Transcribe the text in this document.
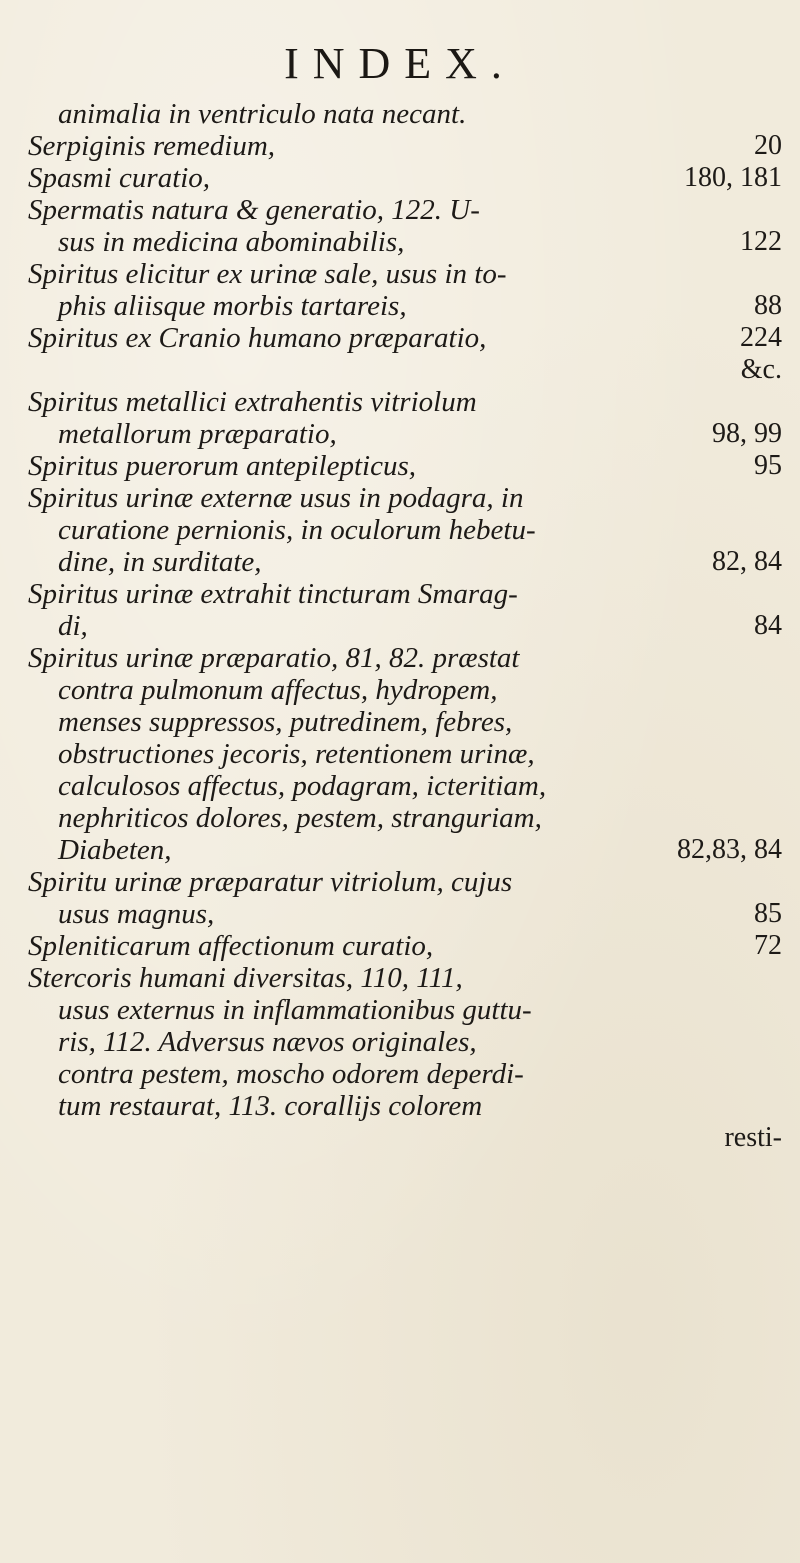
INDEX.
animalia in ventriculo nata necant.
Serpiginis remedium,	20
Spasmi curatio,	180, 181
Spermatis natura & generatio, 122. U-
sus in medicina abominabilis,	122
Spiritus elicitur ex urinæ sale, usus in to-
phis aliisque morbis tartareis,	88
Spiritus ex Cranio humano præparatio,	224
&c.
Spiritus metallici extrahentis vitriolum
metallorum præparatio,	98, 99
Spiritus puerorum antepilepticus,	95
Spiritus urinæ externæ usus in podagra, in
curatione pernionis, in oculorum hebetu-
dine, in surditate,	82, 84
Spiritus urinæ extrahit tincturam Smarag-
di,	84
Spiritus urinæ præparatio, 81, 82. præstat
contra pulmonum affectus, hydropem,
menses suppressos, putredinem, febres,
obstructiones jecoris, retentionem urinæ,
calculosos affectus, podagram, icteritiam,
nephriticos dolores, pestem, stranguriam,
Diabeten,	82,83, 84
Spiritu urinæ præparatur vitriolum, cujus
usus magnus,	85
Spleniticarum affectionum curatio,	72
Stercoris humani diversitas, 110, 111,
usus externus in inflammationibus guttu-
ris, 112. Adversus nævos originales,
contra pestem, moscho odorem deperdi-
tum restaurat, 113. corallijs colorem
resti-
